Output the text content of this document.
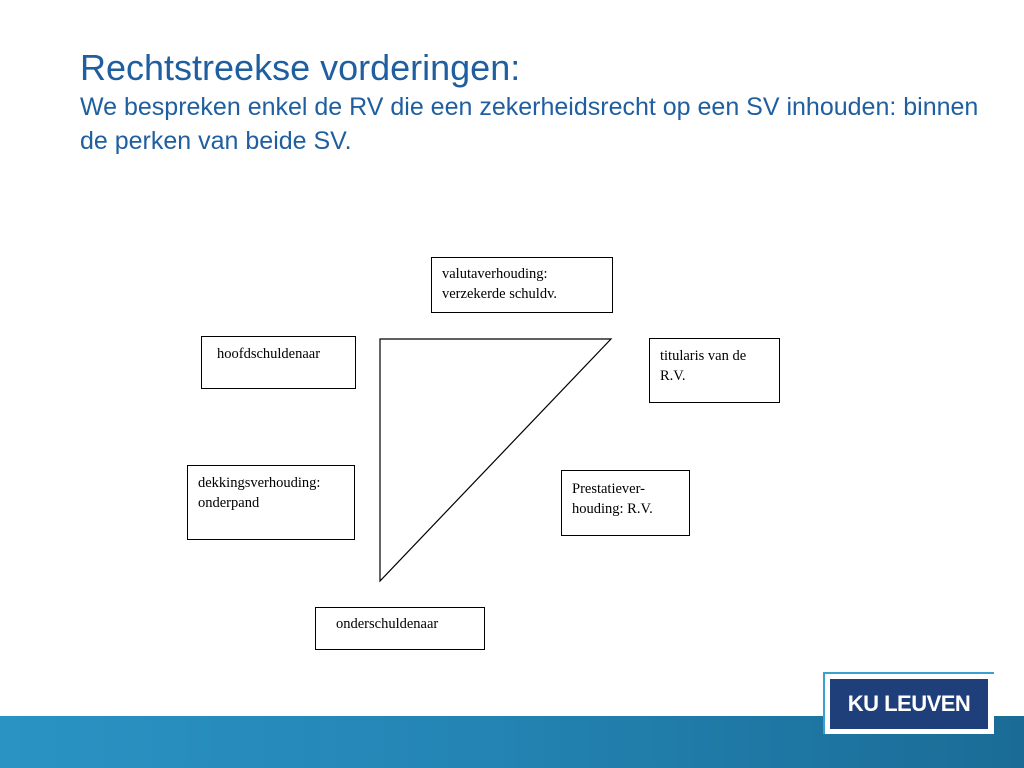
Rechtstreekse vorderingen:
We bespreken enkel de RV die een zekerheidsrecht op een SV inhouden: binnen de perken van beide SV.
valutaverhouding:
verzekerde schuldv.
hoofdschuldenaar	titularis van de R.V.
dekkingsverhouding:
onderpand
Prestatiever-
houding: R.V.
onderschuldenaar
KU LEUVEN
